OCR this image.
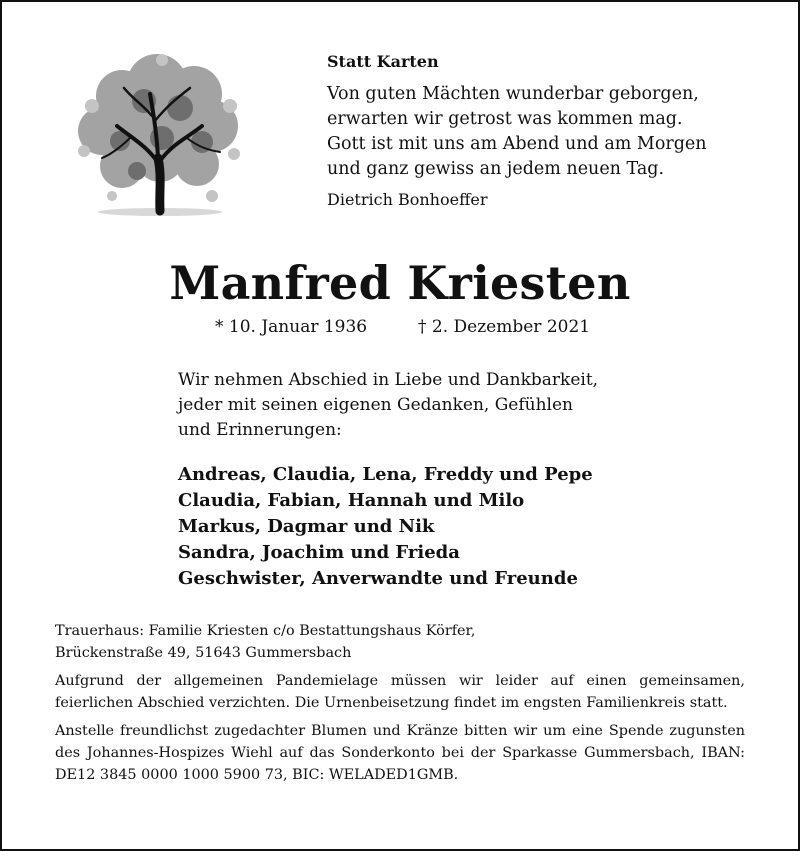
Statt Karten
Von guten Mächten wunderbar geborgen,
erwarten wir getrost was kommen mag.
Gott ist mit uns am Abend und am Morgen
und ganz gewiss an jedem neuen Tag.
Dietrich Bonhoeffer
Manfred Kriesten
* 10. Januar 1936	† 2. Dezember 2021
Wir nehmen Abschied in Liebe und Dankbarkeit,
jeder mit seinen eigenen Gedanken, Gefühlen
und Erinnerungen:
Andreas, Claudia, Lena, Freddy und Pepe
Claudia, Fabian, Hannah und Milo
Markus, Dagmar und Nik
Sandra, Joachim und Frieda
Geschwister, Anverwandte und Freunde
Trauerhaus: Familie Kriesten c/o Bestattungshaus Körfer,
Brückenstraße 49, 51643 Gummersbach
Aufgrund der allgemeinen Pandemielage müssen wir leider auf einen gemeinsamen, feierlichen Abschied verzichten. Die Urnenbeisetzung findet im engsten Familienkreis statt.
Anstelle freundlichst zugedachter Blumen und Kränze bitten wir um eine Spende zugunsten des Johannes-Hospizes Wiehl auf das Sonderkonto bei der Sparkasse Gummersbach, IBAN: DE12 3845 0000 1000 5900 73, BIC: WELADED1GMB.
